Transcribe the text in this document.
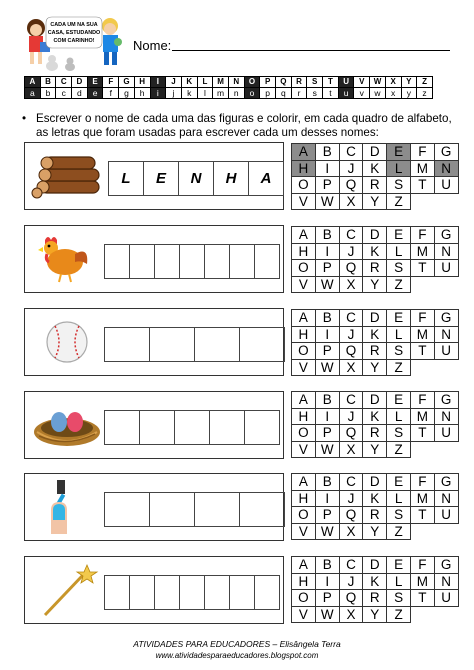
CADA UM NA SUA
CASA, ESTUDANDO
COM CARINHO!	Nome:
A	B	C	D	E	F	G	H	I	J	K	L	M	N	O	P	Q	R	S	T	U	V	W	X	Y	Z
a	b	c	d	e	f	g	h	i	j	k	l	m	n	o	p	q	r	s	t	u	v	w	x	y	z
• Escrever o nome de cada uma das figuras e colorir, em cada quadro de alfabeto, as letras que foram usadas para escrever cada um desses nomes:
L	E	N	H	A
A	B	C	D	E	F	G
H	I	J	K	L	M	N
O	P	Q	R	S	T	U
V	W	X	Y	Z		
A	B	C	D	E	F	G
H	I	J	K	L	M	N
O	P	Q	R	S	T	U
V	W	X	Y	Z		
A	B	C	D	E	F	G
H	I	J	K	L	M	N
O	P	Q	R	S	T	U
V	W	X	Y	Z		
A	B	C	D	E	F	G
H	I	J	K	L	M	N
O	P	Q	R	S	T	U
V	W	X	Y	Z		
A	B	C	D	E	F	G
H	I	J	K	L	M	N
O	P	Q	R	S	T	U
V	W	X	Y	Z		
A	B	C	D	E	F	G
H	I	J	K	L	M	N
O	P	Q	R	S	T	U
V	W	X	Y	Z		
ATIVIDADES PARA EDUCADORES – Elisângela Terra
www.atividadesparaeducadores.blogspot.com
